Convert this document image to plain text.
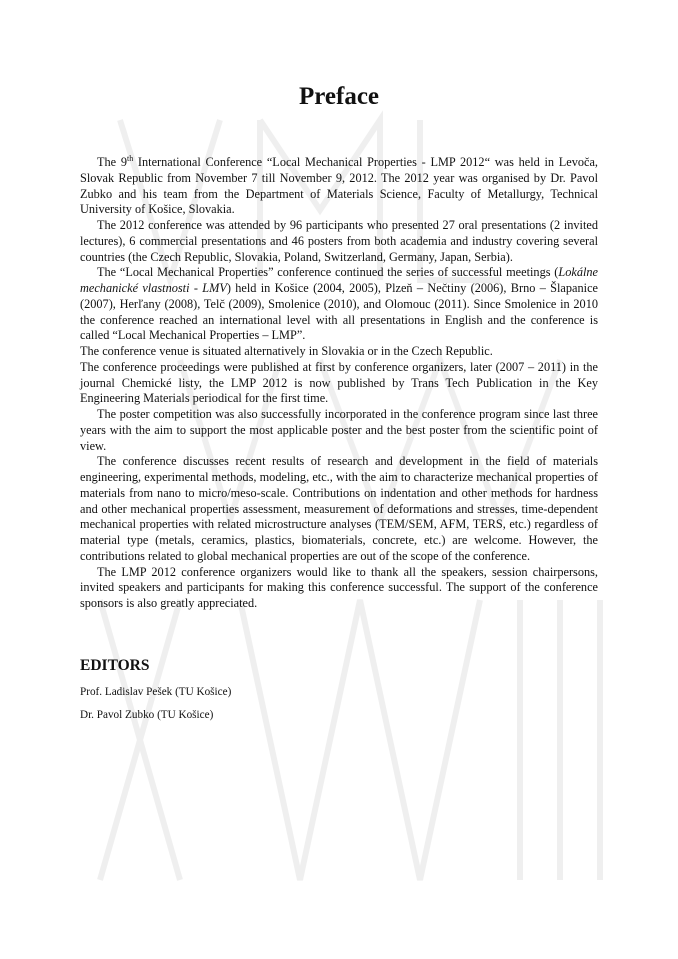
Preface

The 9th International Conference “Local Mechanical Properties - LMP 2012“ was held in Levoča, Slovak Republic from November 7 till November 9, 2012. The 2012 year was organised by Dr. Pavol Zubko and his team from the Department of Materials Science, Faculty of Metallurgy, Technical University of Košice, Slovakia.

The 2012 conference was attended by 96 participants who presented 27 oral presentations (2 invited lectures), 6 commercial presentations and 46 posters from both academia and industry covering several countries (the Czech Republic, Slovakia, Poland, Switzerland, Germany, Japan, Serbia).

The “Local Mechanical Properties” conference continued the series of successful meetings (Lokálne mechanické vlastnosti - LMV) held in Košice (2004, 2005), Plzeň – Nečtiny (2006), Brno – Šlapanice (2007), Herľany (2008), Telč (2009), Smolenice (2010), and Olomouc (2011). Since Smolenice in 2010 the conference reached an international level with all presentations in English and the conference is called “Local Mechanical Properties – LMP”.

The conference venue is situated alternatively in Slovakia or in the Czech Republic.

The conference proceedings were published at first by conference organizers, later (2007 – 2011) in the journal Chemické listy, the LMP 2012 is now published by Trans Tech Publication in the Key Engineering Materials periodical for the first time.

The poster competition was also successfully incorporated in the conference program since last three years with the aim to support the most applicable poster and the best poster from the scientific point of view.

The conference discusses recent results of research and development in the field of materials engineering, experimental methods, modeling, etc., with the aim to characterize mechanical properties of materials from nano to micro/meso-scale. Contributions on indentation and other methods for hardness and other mechanical properties assessment, measurement of deformations and stresses, time-dependent mechanical properties with related microstructure analyses (TEM/SEM, AFM, TERS, etc.) regardless of material type (metals, ceramics, plastics, biomaterials, concrete, etc.) are welcome. However, the contributions related to global mechanical properties are out of the scope of the conference.

The LMP 2012 conference organizers would like to thank all the speakers, session chairpersons, invited speakers and participants for making this conference successful. The support of the conference sponsors is also greatly appreciated.

EDITORS

Prof. Ladislav Pešek (TU Košice)

Dr. Pavol Zubko (TU Košice)
